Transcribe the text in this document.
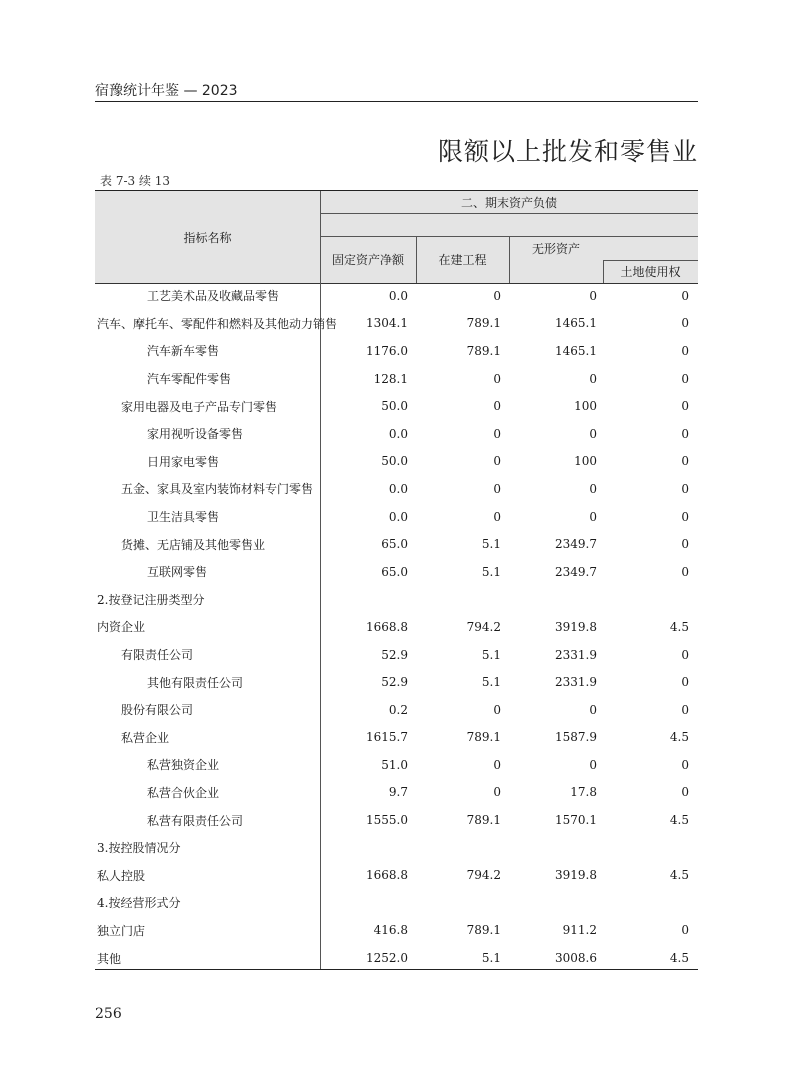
宿豫统计年鉴 — 2023
限额以上批发和零售业
表 7-3 续 13
指标名称
二、期末资产负债
固定资产净额	在建工程
无形资产
土地使用权
工艺美术品及收藏品零售	0.0	0	0	0
汽车、摩托车、零配件和燃料及其他动力销售	1304.1	789.1	1465.1	0
汽车新车零售	1176.0	789.1	1465.1	0
汽车零配件零售	128.1	0	0	0
家用电器及电子产品专门零售	50.0	0	100	0
家用视听设备零售	0.0	0	0	0
日用家电零售	50.0	0	100	0
五金、家具及室内装饰材料专门零售	0.0	0	0	0
卫生洁具零售	0.0	0	0	0
货摊、无店铺及其他零售业	65.0	5.1	2349.7	0
互联网零售	65.0	5.1	2349.7	0
2.按登记注册类型分
内资企业	1668.8	794.2	3919.8	4.5
有限责任公司	52.9	5.1	2331.9	0
其他有限责任公司	52.9	5.1	2331.9	0
股份有限公司	0.2	0	0	0
私营企业	1615.7	789.1	1587.9	4.5
私营独资企业	51.0	0	0	0
私营合伙企业	9.7	0	17.8	0
私营有限责任公司	1555.0	789.1	1570.1	4.5
3.按控股情况分
私人控股	1668.8	794.2	3919.8	4.5
4.按经营形式分
独立门店	416.8	789.1	911.2	0
其他	1252.0	5.1	3008.6	4.5
256
